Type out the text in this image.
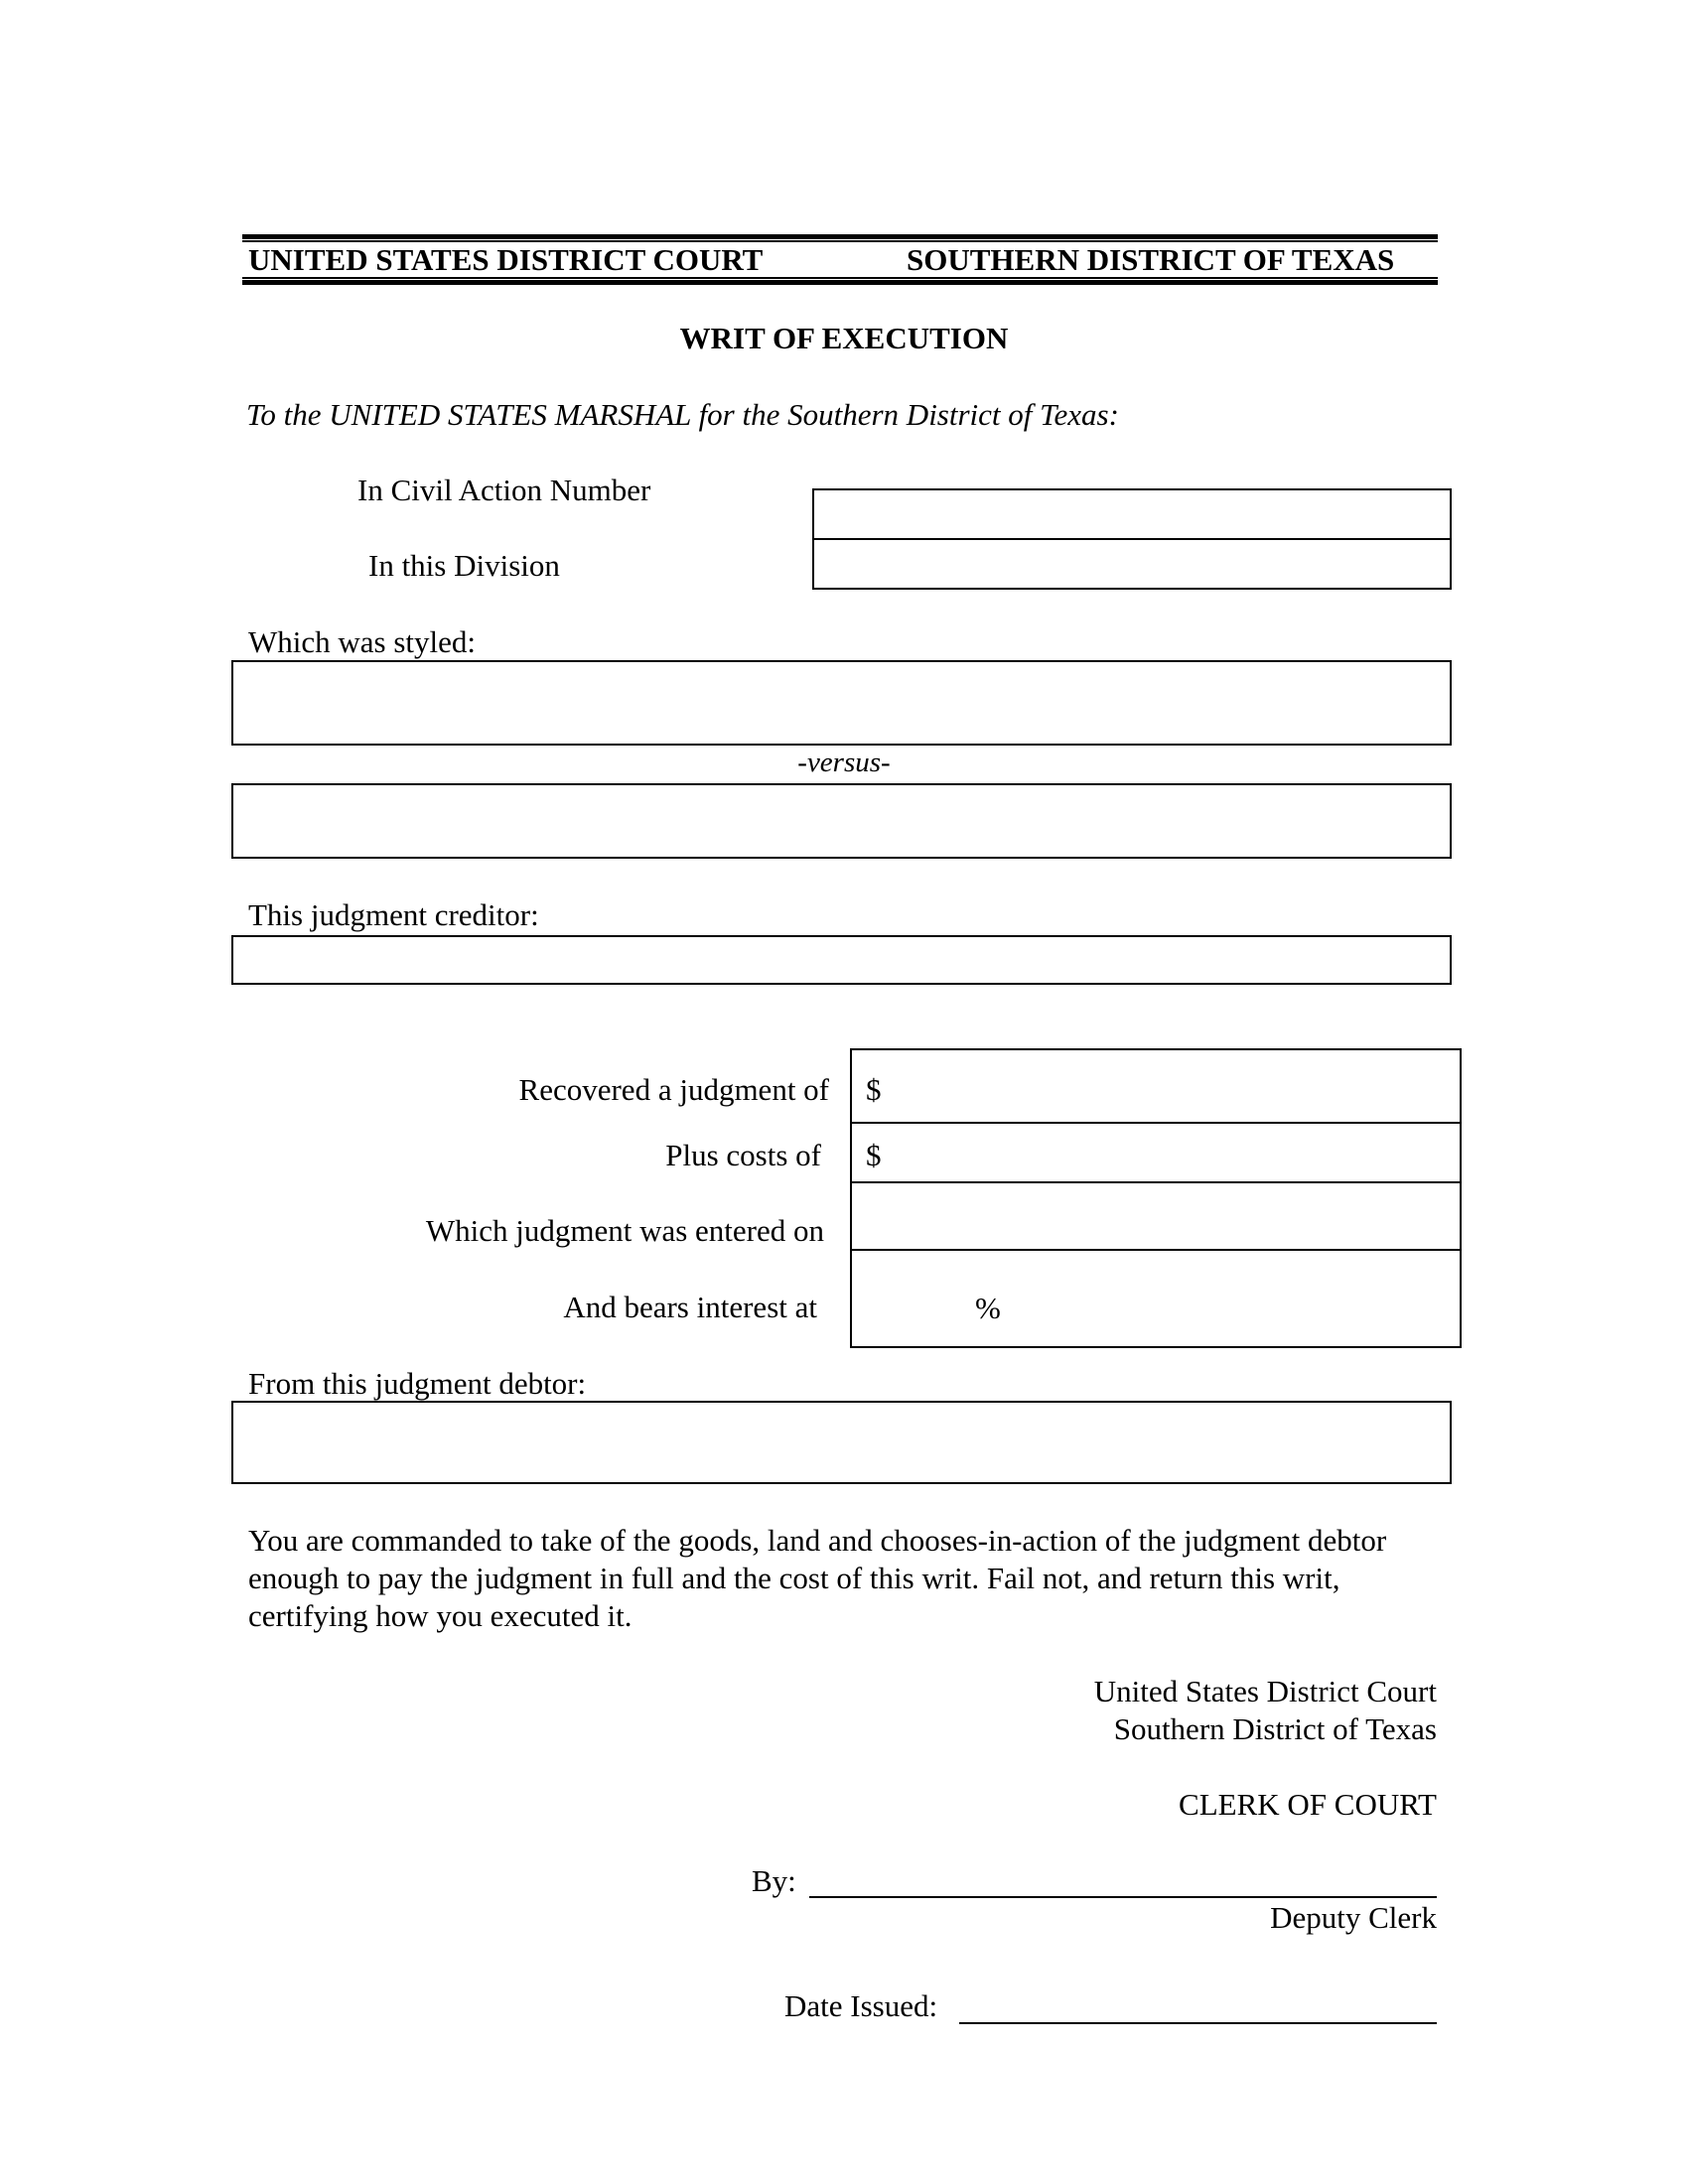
UNITED STATES DISTRICT COURT	SOUTHERN DISTRICT OF TEXAS
WRIT OF EXECUTION
To the UNITED STATES MARSHAL for the Southern District of Texas:
In Civil Action Number
In this Division
Which was styled:
-versus-
This judgment creditor:
Recovered a judgment of
Plus costs of
Which judgment was entered on
And bears interest at
$
$
%
From this judgment debtor:
You are commanded to take of the goods, land and chooses-in-action of the judgment debtor enough to pay the judgment in full and the cost of this writ. Fail not, and return this writ, certifying how you executed it.
United States District Court
Southern District of Texas
CLERK OF COURT
By:
Deputy Clerk
Date Issued:
